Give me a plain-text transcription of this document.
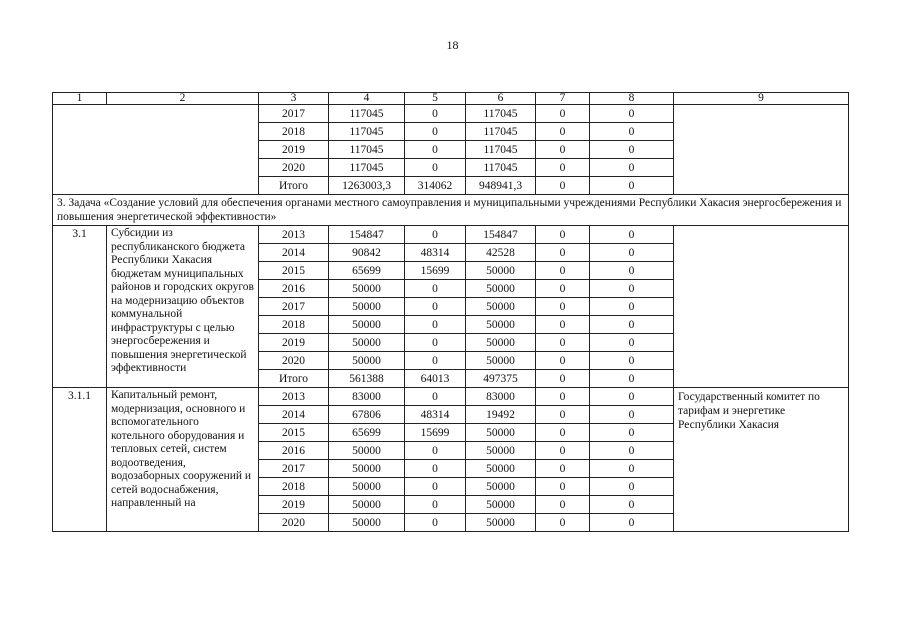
18
1	2	3	4	5	6	7	8	9
		2017	117045	0	117045	0	0	
		2018	117045	0	117045	0	0	
		2019	117045	0	117045	0	0	
		2020	117045	0	117045	0	0	
		Итого	1263003,3	314062	948941,3	0	0	
3. Задача «Создание условий для обеспечения органами местного самоуправления и муниципальными учреждениями Республики Хакасия энергосбережения и повышения энергетической эффективности»								
3.1	Субсидии из республиканского бюджета Республики Хакасия бюджетам муниципальных районов и городских округов на модернизацию объектов коммунальной инфраструктуры с целью энергосбережения и повышения энергетической эффективности	2013	154847	0	154847	0	0	
		2014	90842	48314	42528	0	0	
		2015	65699	15699	50000	0	0	
		2016	50000	0	50000	0	0	
		2017	50000	0	50000	0	0	
		2018	50000	0	50000	0	0	
		2019	50000	0	50000	0	0	
		2020	50000	0	50000	0	0	
		Итого	561388	64013	497375	0	0	
3.1.1	Капитальный ремонт, модернизация, основного и вспомогательного котельного оборудования и тепловых сетей, систем водоотведения, водозаборных сооружений и сетей водоснабжения, направленный на	2013	83000	0	83000	0	0	Государственный комитет по тарифам и энергетике Республики Хакасия
		2014	67806	48314	19492	0	0	
		2015	65699	15699	50000	0	0	
		2016	50000	0	50000	0	0	
		2017	50000	0	50000	0	0	
		2018	50000	0	50000	0	0	
		2019	50000	0	50000	0	0	
		2020	50000	0	50000	0	0	
